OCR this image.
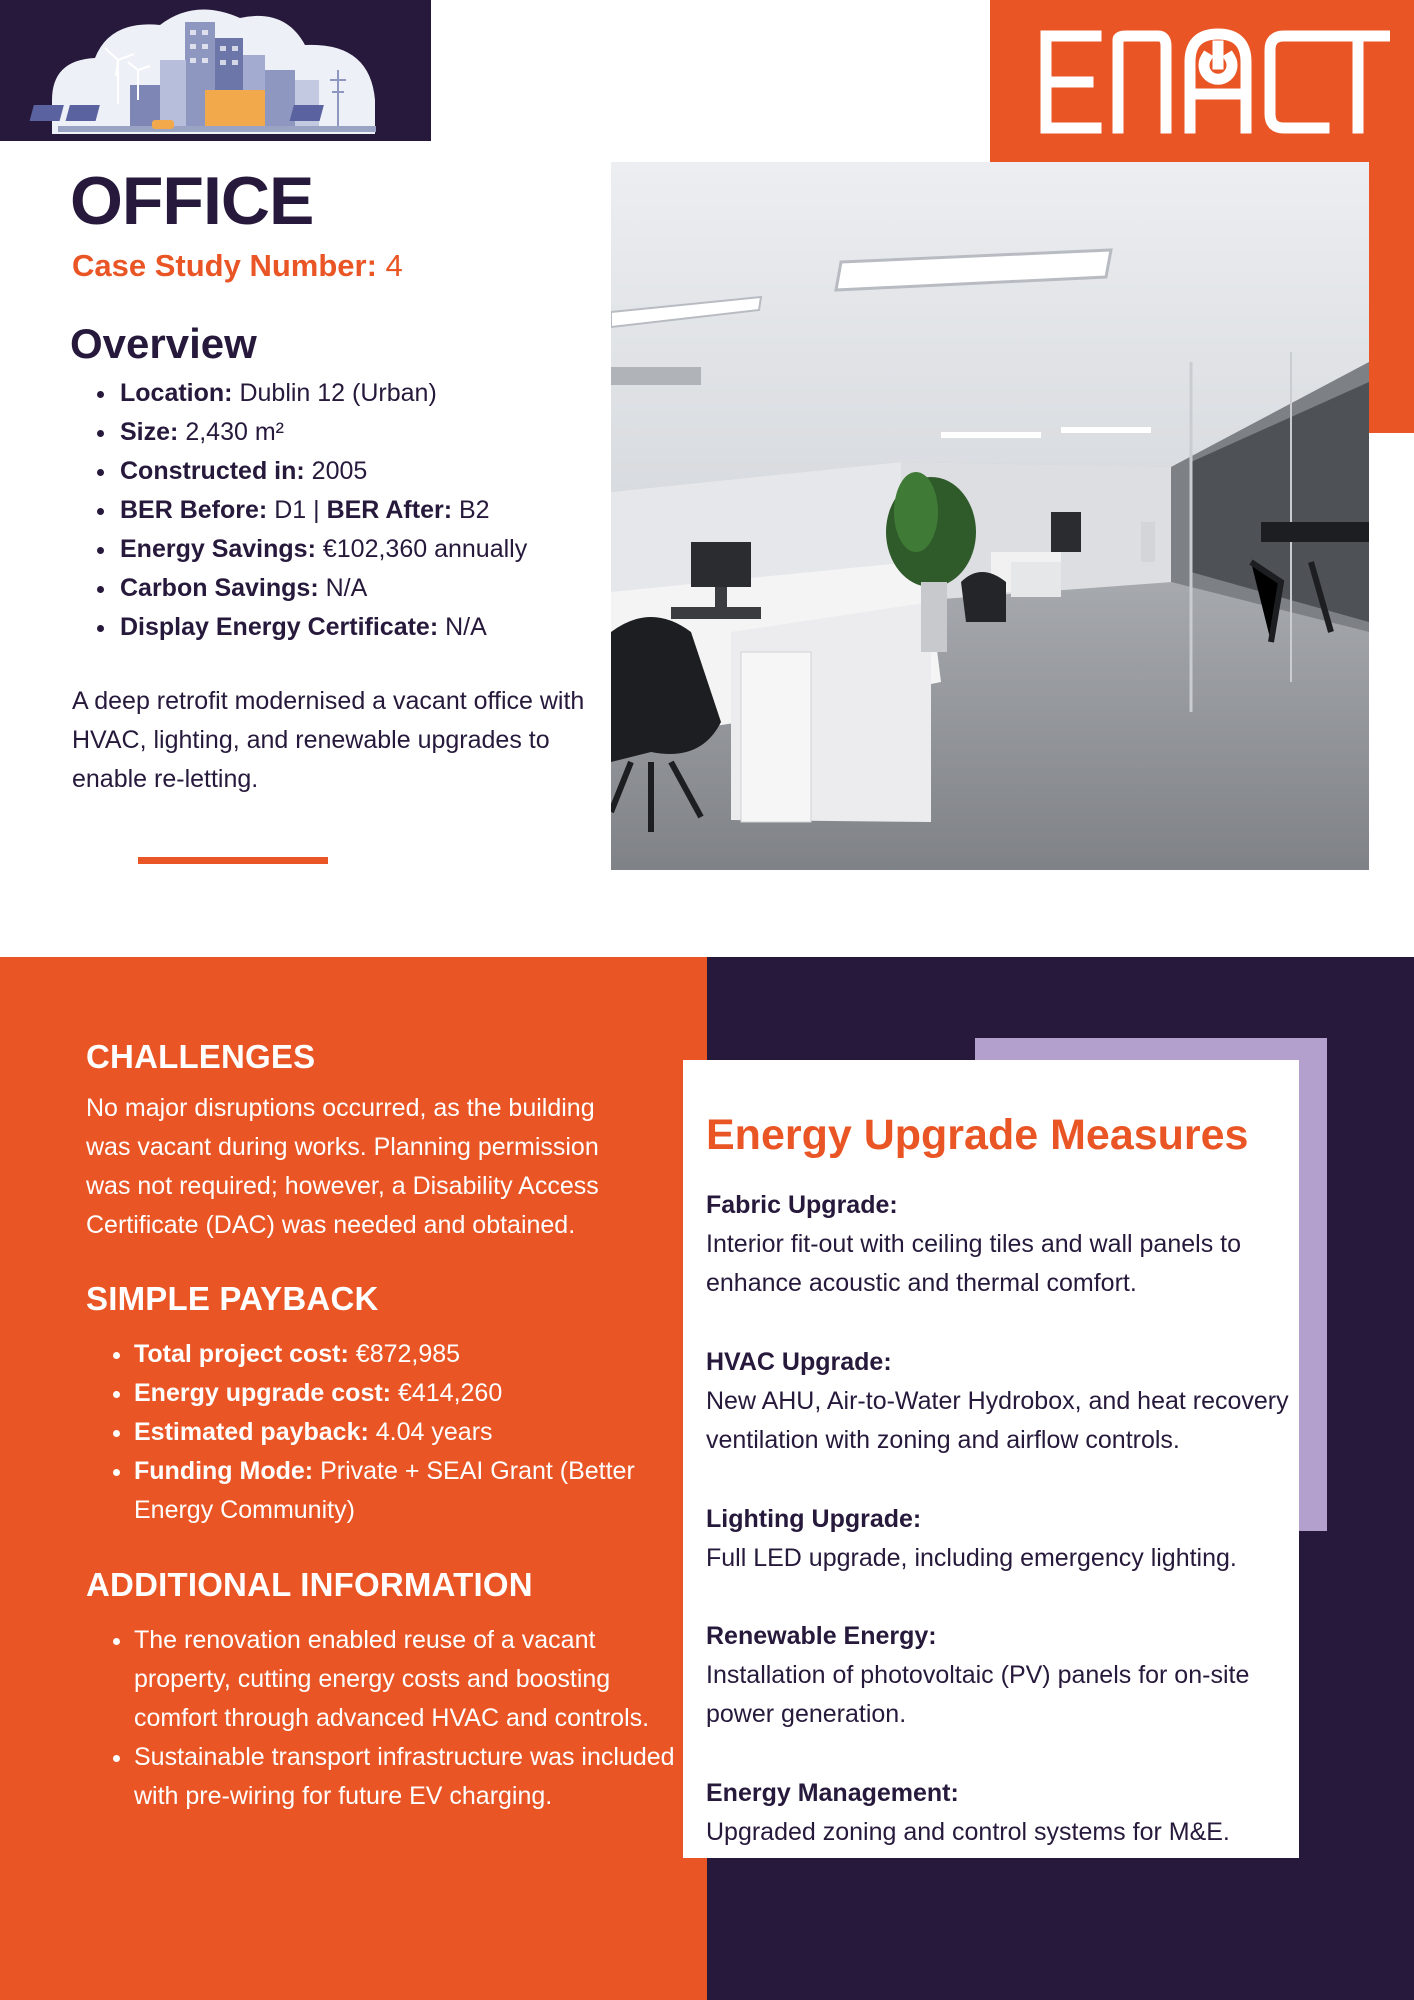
OFFICE
Case Study Number: 4
Overview
• Location: Dublin 12 (Urban)
• Size: 2,430 m²
• Constructed in: 2005
• BER Before: D1 | BER After: B2
• Energy Savings: €102,360 annually
• Carbon Savings: N/A
• Display Energy Certificate: N/A

A deep retrofit modernised a vacant office with HVAC, lighting, and renewable upgrades to enable re-letting.

CHALLENGES

No major disruptions occurred, as the building was vacant during works. Planning permission was not required; however, a Disability Access Certificate (DAC) was needed and obtained.

SIMPLE PAYBACK
• Total project cost: €872,985
• Energy upgrade cost: €414,260
• Estimated payback: 4.04 years
• Funding Mode: Private + SEAI Grant (Better Energy Community)
ADDITIONAL INFORMATION
• The renovation enabled reuse of a vacant property, cutting energy costs and boosting comfort through advanced HVAC and controls.
• Sustainable transport infrastructure was included with pre-wiring for future EV charging.
Energy Upgrade Measures
Fabric Upgrade:
Interior fit-out with ceiling tiles and wall panels to enhance acoustic and thermal comfort.
HVAC Upgrade:
New AHU, Air-to-Water Hydrobox, and heat recovery ventilation with zoning and airflow controls.
Lighting Upgrade:
Full LED upgrade, including emergency lighting.
Renewable Energy:
Installation of photovoltaic (PV) panels for on-site power generation.
Energy Management:
Upgraded zoning and control systems for M&E.
